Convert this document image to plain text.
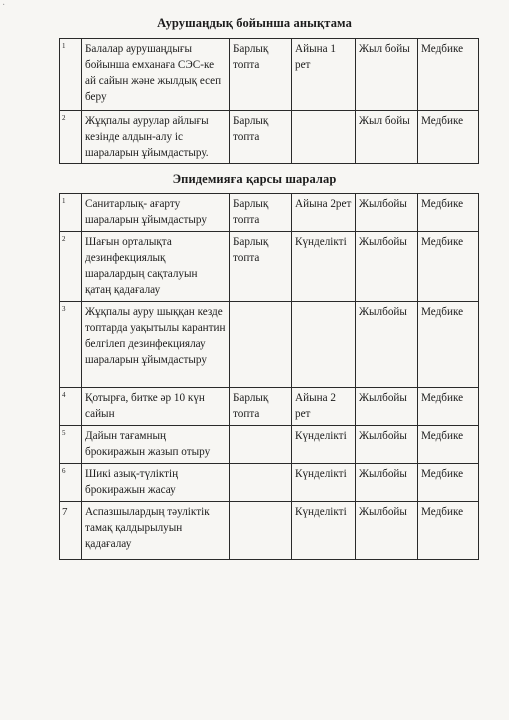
·
Аурушаңдық бойынша анықтама
1	Балалар аурушаңдығы бойынша емханаға СЭС-ке ай сайын және жылдық есеп беру	Барлық топта	Айына 1 рет	Жыл бойы	Медбике
2	Жұқпалы аурулар айлығы кезінде алдын-алу іс шараларын ұйымдастыру.	Барлық топта		Жыл бойы	Медбике
Эпидемияға қарсы шаралар
1	Санитарлық- ағарту шараларын ұйымдастыру	Барлық топта	Айына 2рет	Жылбойы	Медбике
2	Шағын орталықта дезинфекциялық шаралардың сақталуын қатаң қадағалау	Барлық топта	Күнделікті	Жылбойы	Медбике
3	Жұқпалы ауру шыққан кезде топтарда уақытылы карантин белгілеп дезинфекциялау шараларын ұйымдастыру			Жылбойы	Медбике
4	Қотырға, битке әр 10 күн сайын	Барлық топта	Айына 2 рет	Жылбойы	Медбике
5	Дайын тағамның брокиражын жазып отыру		Күнделікті	Жылбойы	Медбике
6	Шикі азық-түліктің брокиражын жасау		Күнделікті	Жылбойы	Медбике
7	Аспазшылардың тәуліктік тамақ қалдырылуын қадағалау		Күнделікті	Жылбойы	Медбике
